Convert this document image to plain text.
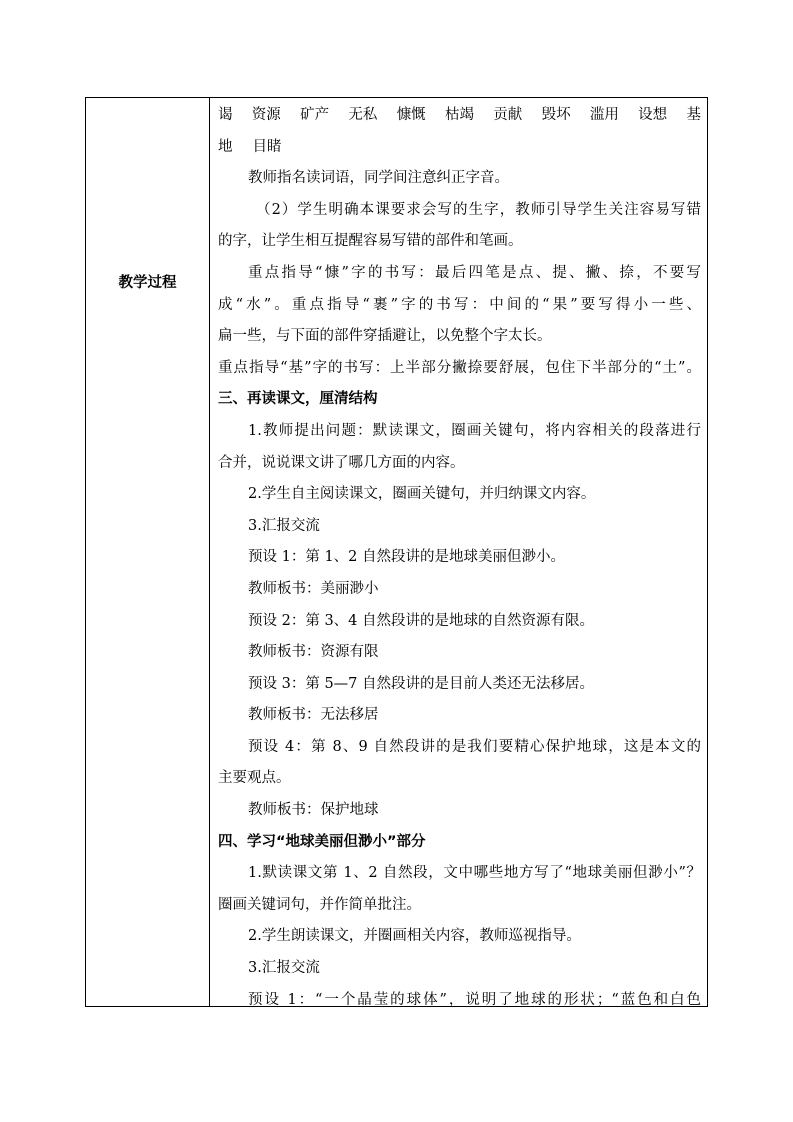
教学过程
谒 资源 矿产 无私 慷慨 枯竭 贡献 毁坏 滥用 设想 基
地 目睹
教师指名读词语，同学间注意纠正字音。
（2）学生明确本课要求会写的生字，教师引导学生关注容易写错
的字，让学生相互提醒容易写错的部件和笔画。
重点指导“慷”字的书写：最后四笔是点、提、撇、捺，不要写
成“水”。重点指导“裹”字的书写：中间的“果”要写得小一些、
扁一些，与下面的部件穿插避让，以免整个字太长。
重点指导“基”字的书写：上半部分撇捺要舒展，包住下半部分的“土”。
三、再读课文，厘清结构
1.教师提出问题：默读课文，圈画关键句，将内容相关的段落进行
合并，说说课文讲了哪几方面的内容。
2.学生自主阅读课文，圈画关键句，并归纳课文内容。
3.汇报交流
预设 1：第 1、2 自然段讲的是地球美丽但渺小。
教师板书：美丽渺小
预设 2：第 3、4 自然段讲的是地球的自然资源有限。
教师板书：资源有限
预设 3：第 5—7 自然段讲的是目前人类还无法移居。
教师板书：无法移居
预设 4：第 8、9 自然段讲的是我们要精心保护地球，这是本文的
主要观点。
教师板书：保护地球
四、学习“地球美丽但渺小”部分
1.默读课文第 1、2 自然段，文中哪些地方写了“地球美丽但渺小”？
圈画关键词句，并作简单批注。
2.学生朗读课文，并圈画相关内容，教师巡视指导。
3.汇报交流
预设 1：“一个晶莹的球体”，说明了地球的形状；“蓝色和白色
